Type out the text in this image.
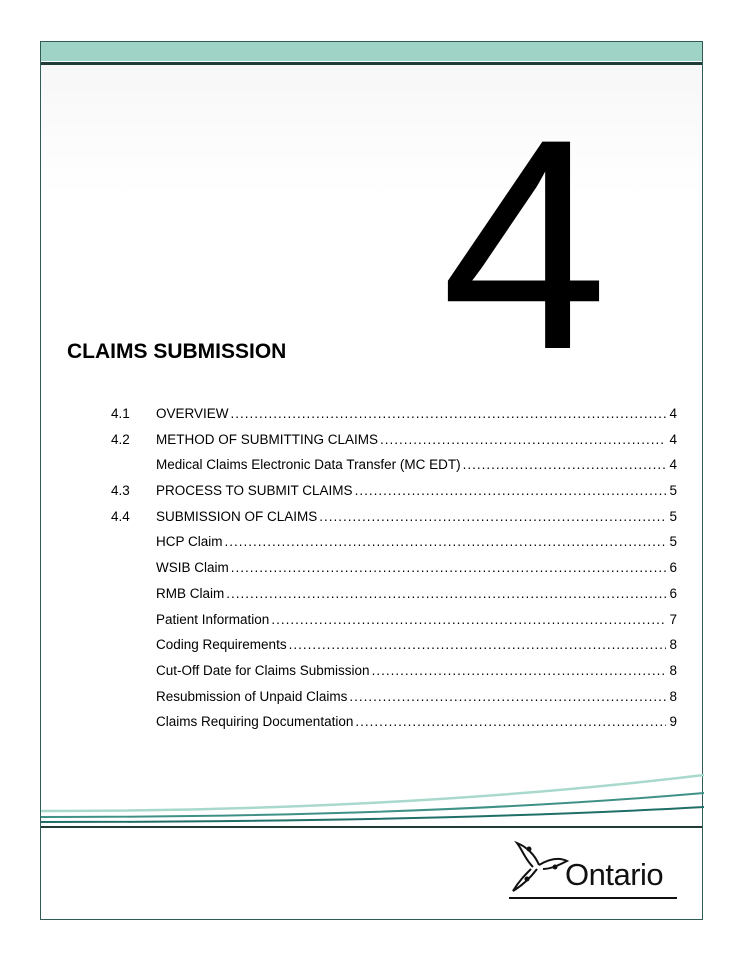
4
CLAIMS SUBMISSION
4.1	OVERVIEW .....	4
4.2	METHOD OF SUBMITTING CLAIMS .....	4
Medical Claims Electronic Data Transfer (MC EDT) .....	4
4.3	PROCESS TO SUBMIT CLAIMS .....	5
4.4	SUBMISSION OF CLAIMS .....	5
HCP Claim .....	5
WSIB Claim .....	6
RMB Claim .....	6
Patient Information .....	7
Coding Requirements .....	8
Cut-Off Date for Claims Submission .....	8
Resubmission of Unpaid Claims .....	8
Claims Requiring Documentation .....	9
Ontario
